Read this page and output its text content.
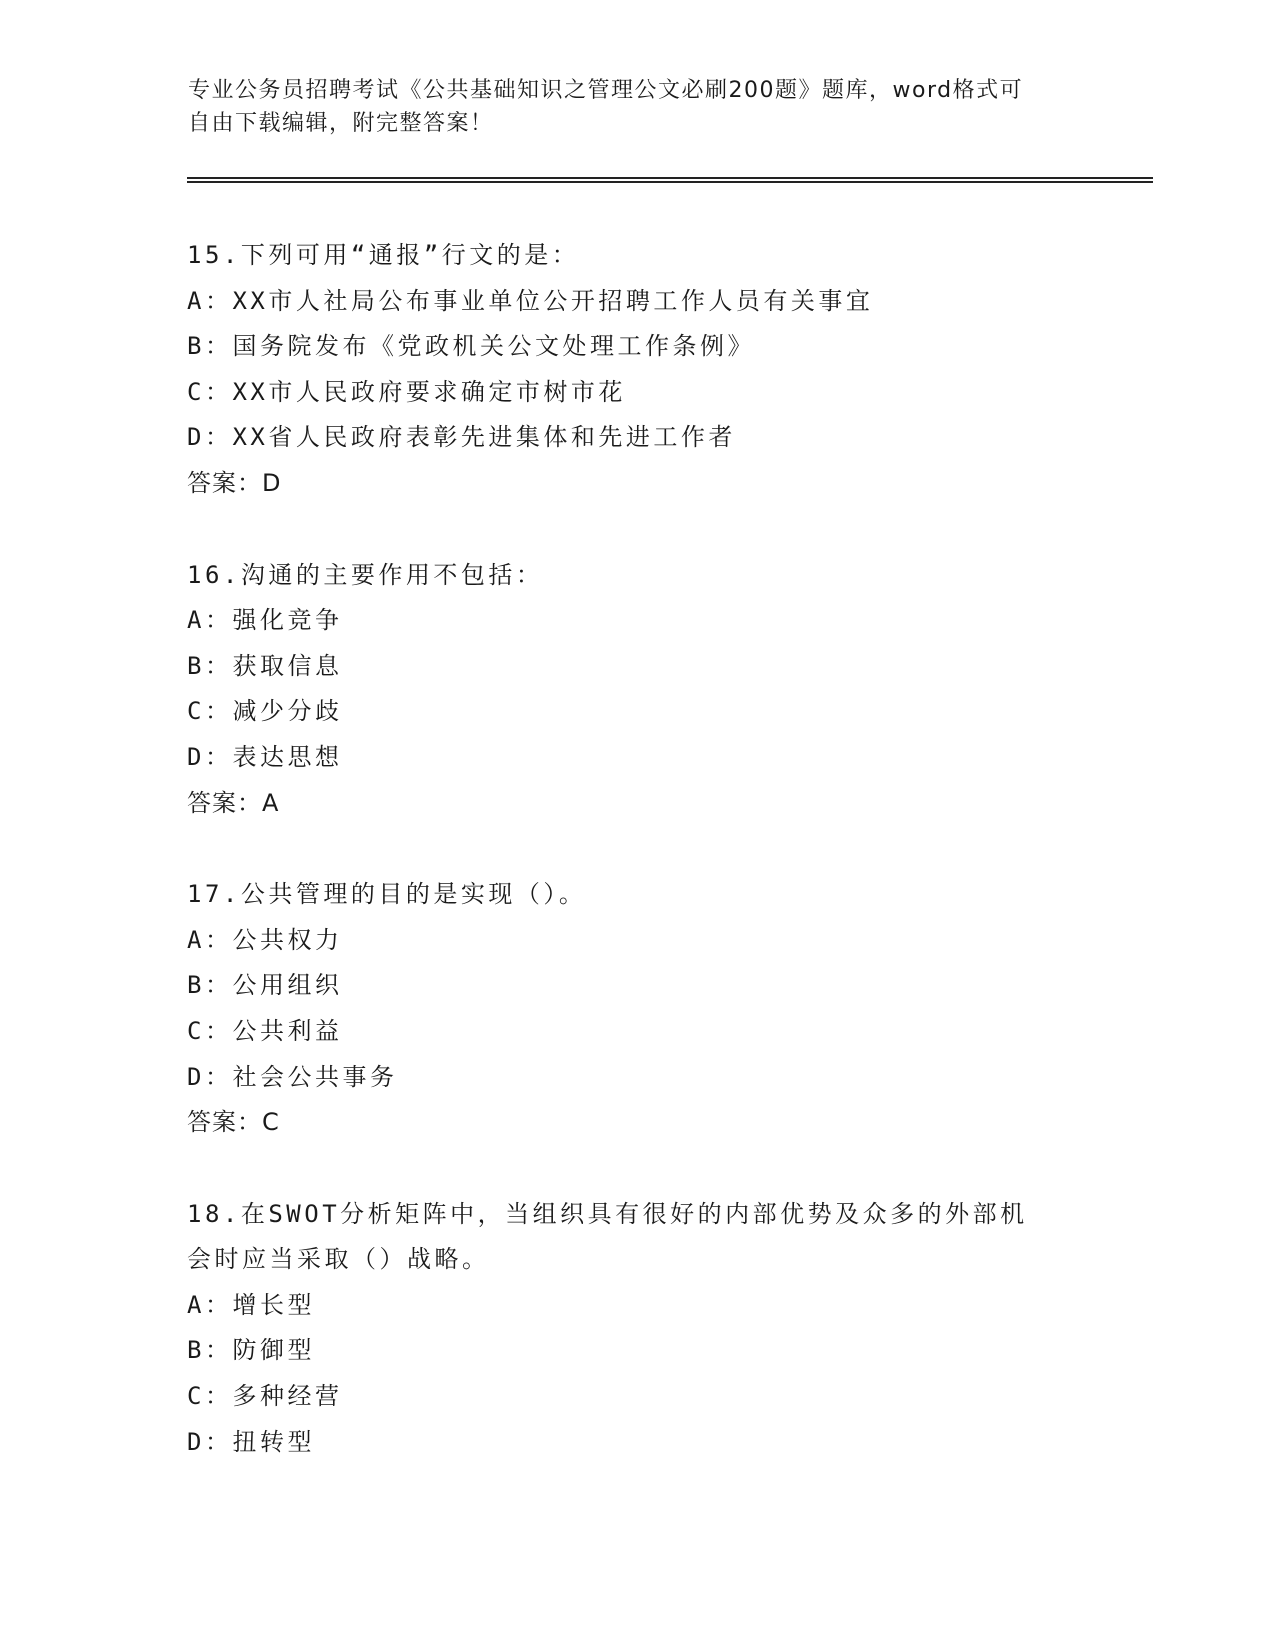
专业公务员招聘考试《公共基础知识之管理公文必刷200题》题库，word格式可
自由下载编辑，附完整答案！
15.下列可用“通报”行文的是：
A：XX市人社局公布事业单位公开招聘工作人员有关事宜
B：国务院发布《党政机关公文处理工作条例》
C：XX市人民政府要求确定市树市花
D：XX省人民政府表彰先进集体和先进工作者
答案：D
16.沟通的主要作用不包括：
A：强化竞争
B：获取信息
C：减少分歧
D：表达思想
答案：A
17.公共管理的目的是实现（）。
A：公共权力
B：公用组织
C：公共利益
D：社会公共事务
答案：C
18.在SWOT分析矩阵中，当组织具有很好的内部优势及众多的外部机
会时应当采取（）战略。
A：增长型
B：防御型
C：多种经营
D：扭转型
